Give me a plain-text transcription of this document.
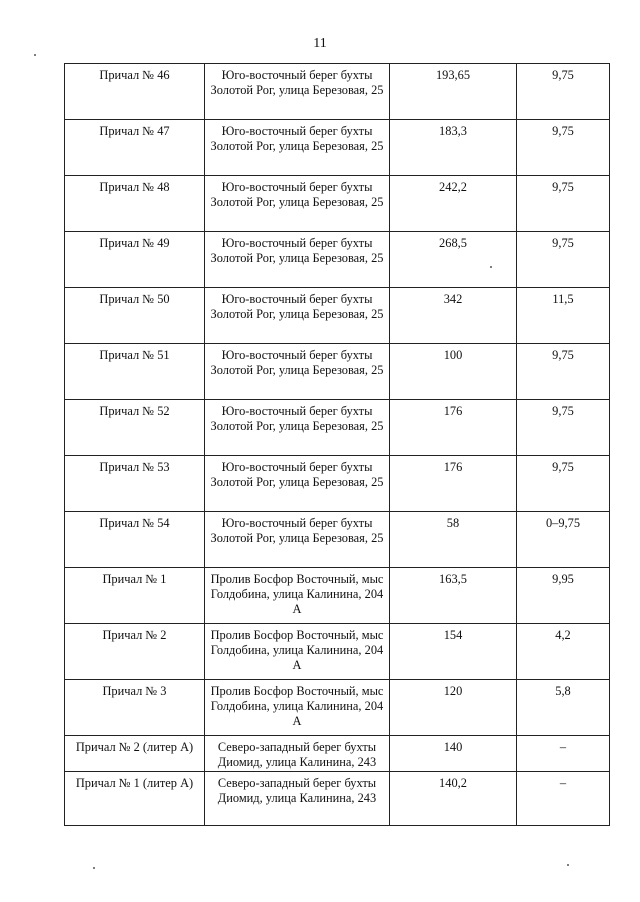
11
Причал № 46	Юго-восточный берег бухты Золотой Рог, улица Березовая, 25	193,65	9,75
Причал № 47	Юго-восточный берег бухты Золотой Рог, улица Березовая, 25	183,3	9,75
Причал № 48	Юго-восточный берег бухты Золотой Рог, улица Березовая, 25	242,2	9,75
Причал № 49	Юго-восточный берег бухты Золотой Рог, улица Березовая, 25	268,5	9,75
Причал № 50	Юго-восточный берег бухты Золотой Рог, улица Березовая, 25	342	11,5
Причал № 51	Юго-восточный берег бухты Золотой Рог, улица Березовая, 25	100	9,75
Причал № 52	Юго-восточный берег бухты Золотой Рог, улица Березовая, 25	176	9,75
Причал № 53	Юго-восточный берег бухты Золотой Рог, улица Березовая, 25	176	9,75
Причал № 54	Юго-восточный берег бухты Золотой Рог, улица Березовая, 25	58	0–9,75
Причал № 1	Пролив Босфор Восточный, мыс Голдобина, улица Калинина, 204 А	163,5	9,95
Причал № 2	Пролив Босфор Восточный, мыс Голдобина, улица Калинина, 204 А	154	4,2
Причал № 3	Пролив Босфор Восточный, мыс Голдобина, улица Калинина, 204 А	120	5,8
Причал № 2 (литер А)	Северо-западный берег бухты Диомид, улица Калинина, 243	140	–
Причал № 1 (литер А)	Северо-западный берег бухты Диомид, улица Калинина, 243	140,2	–
